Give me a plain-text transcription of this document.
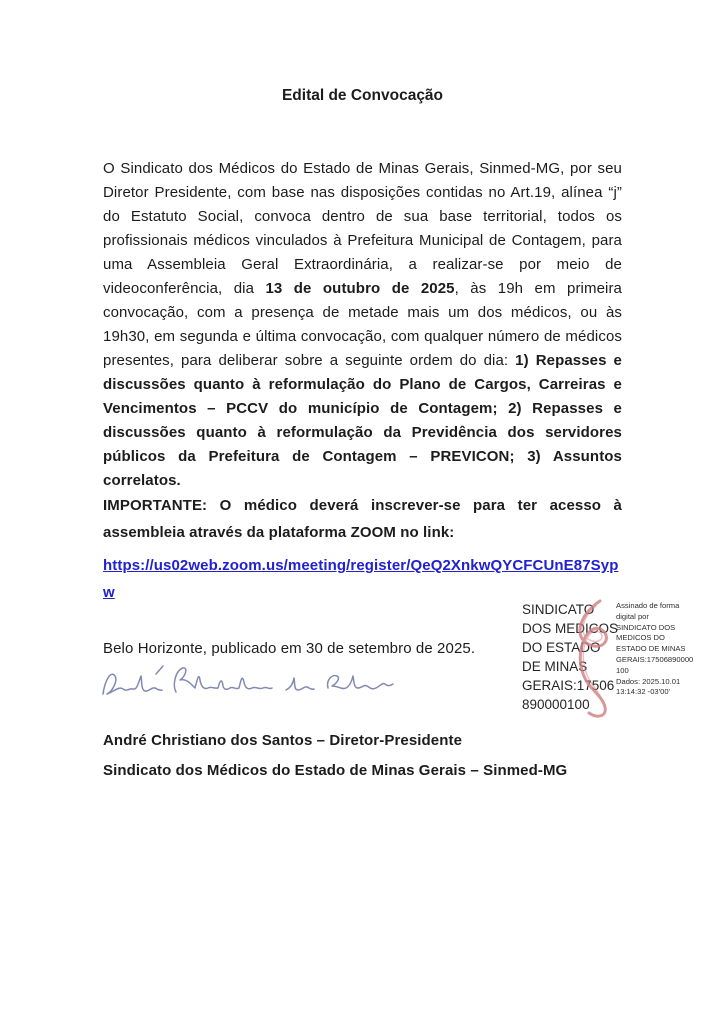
Edital de Convocação

O Sindicato dos Médicos do Estado de Minas Gerais, Sinmed-MG, por seu Diretor Presidente, com base nas disposições contidas no Art.19, alínea “j” do Estatuto Social, convoca dentro de sua base territorial, todos os profissionais médicos vinculados à Prefeitura Municipal de Contagem, para uma Assembleia Geral Extraordinária, a realizar-se por meio de videoconferência, dia 13 de outubro de 2025, às 19h em primeira convocação, com a presença de metade mais um dos médicos, ou às 19h30, em segunda e última convocação, com qualquer número de médicos presentes, para deliberar sobre a seguinte ordem do dia: 1) Repasses e discussões quanto à reformulação do Plano de Cargos, Carreiras e Vencimentos – PCCV do município de Contagem; 2) Repasses e discussões quanto à reformulação da Previdência dos servidores públicos da Prefeitura de Contagem – PREVICON; 3) Assuntos correlatos.

IMPORTANTE: O médico deverá inscrever-se para ter acesso à assembleia através da plataforma ZOOM no link:

https://us02web.zoom.us/meeting/register/QeQ2XnkwQYCFCUnE87Sypw

Belo Horizonte, publicado em 30 de setembro de 2025.

André Christiano dos Santos – Diretor-Presidente

Sindicato dos Médicos do Estado de Minas Gerais – Sinmed-MG

SINDICATO
DOS MEDICOS
DO ESTADO
DE MINAS
GERAIS:17506
890000100
Assinado de forma
digital por
SINDICATO DOS
MEDICOS DO
ESTADO DE MINAS
GERAIS:17506890000
100
Dados: 2025.10.01
13:14:32 -03'00'
